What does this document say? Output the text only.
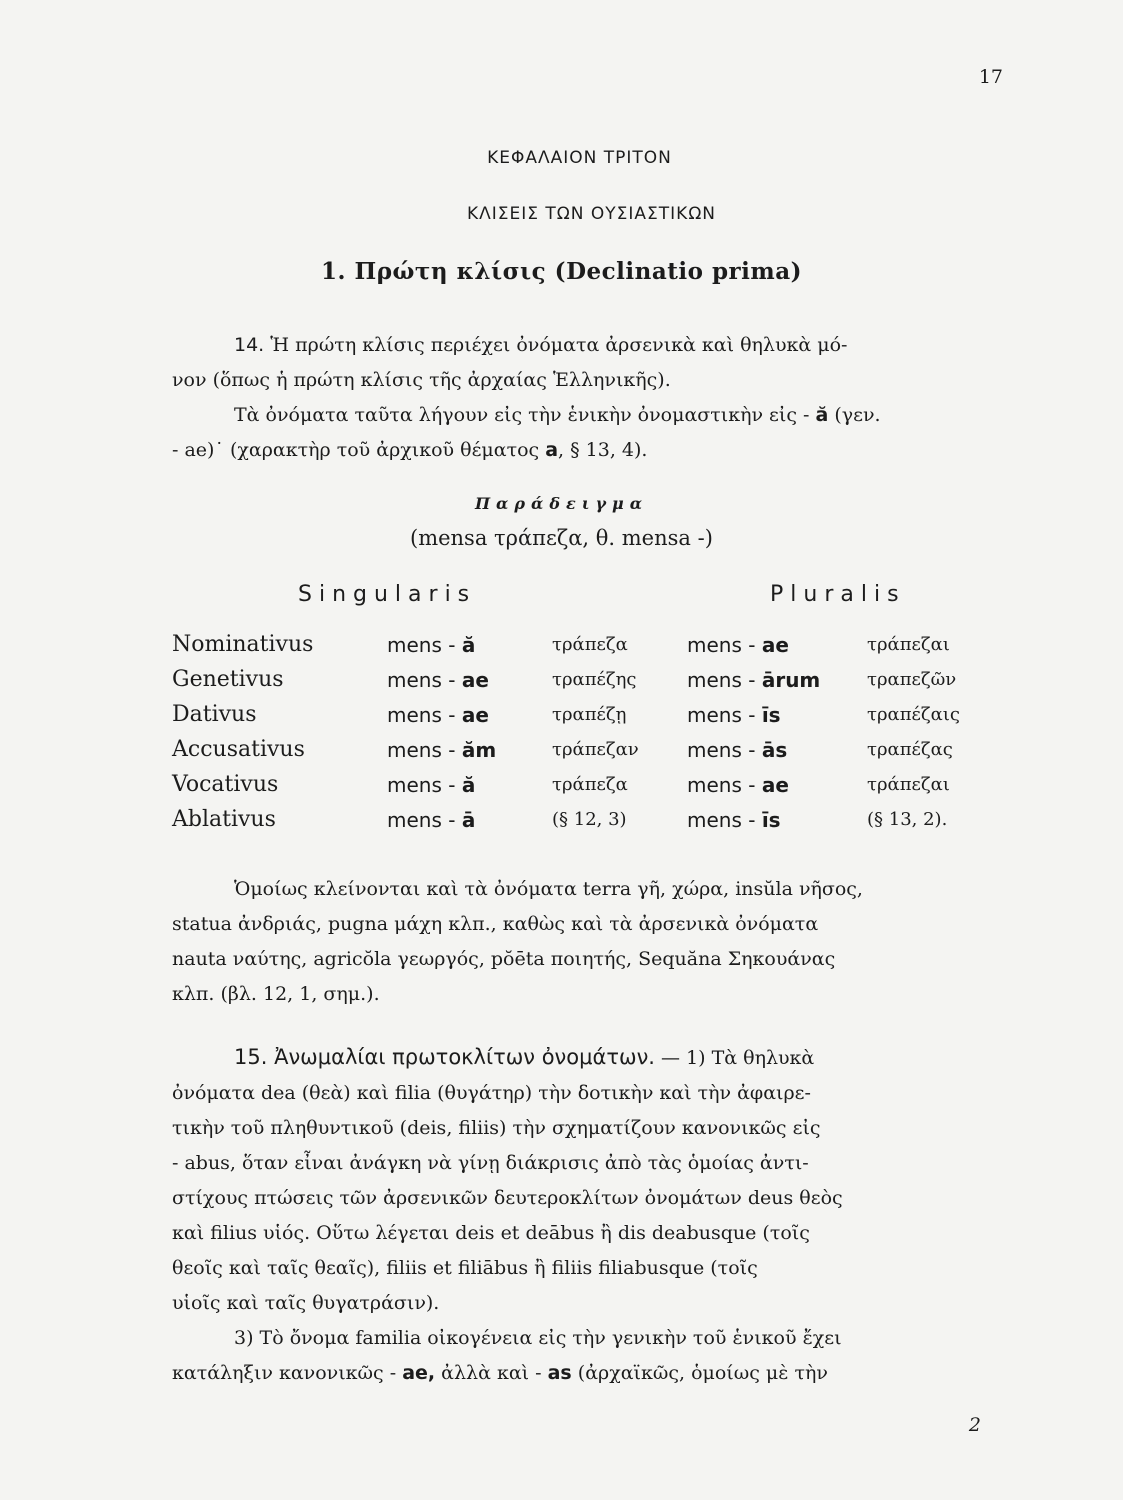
17
ΚΕΦΑΛΑΙΟΝ ΤΡΙΤΟΝ
ΚΛΙΣΕΙΣ ΤΩΝ ΟΥΣΙΑΣΤΙΚΩΝ
1. Πρώτη κλίσις (Declinatio prima)
14. Ἡ πρώτη κλίσις περιέχει ὀνόματα ἀρσενικὰ καὶ θηλυκὰ μό-
νον (ὅπως ἡ πρώτη κλίσις τῆς ἀρχαίας Ἑλληνικῆς).
Τὰ ὀνόματα ταῦτα λήγουν εἰς τὴν ἑνικὴν ὀνομαστικὴν εἰς - ă (γεν.
- ae)˙ (χαρακτὴρ τοῦ ἀρχικοῦ θέματος a, § 13, 4).
Παράδειγμα
(mensa τράπεζα, θ. mensa -)
Singularis	Pluralis
Nominativus	mens - ă	τράπεζα	mens - ae	τράπεζαι
Genetivus	mens - ae	τραπέζης	mens - ārum	τραπεζῶν
Dativus	mens - ae	τραπέζῃ	mens - īs	τραπέζαις
Accusativus	mens - ăm	τράπεζαν	mens - ās	τραπέζας
Vocativus	mens - ă	τράπεζα	mens - ae	τράπεζαι
Ablativus	mens - ā	(§ 12, 3)	mens - īs	(§ 13, 2).
Ὁμοίως κλείνονται καὶ τὰ ὀνόματα terra γῆ, χώρα, insŭla νῆσος,
statua ἀνδριάς, pugna μάχη κλπ., καθὼς καὶ τὰ ἀρσενικὰ ὀνόματα
nauta ναύτης, agricŏla γεωργός, pŏēta ποιητής, Sequăna Σηκουάνας
κλπ. (βλ. 12, 1, σημ.).
15. Ἀνωμαλίαι πρωτοκλίτων ὀνομάτων. — 1) Τὰ θηλυκὰ
ὀνόματα dea (θεὰ) καὶ filia (θυγάτηρ) τὴν δοτικὴν καὶ τὴν ἀφαιρε-
τικὴν τοῦ πληθυντικοῦ (deis, filiis) τὴν σχηματίζουν κανονικῶς εἰς
- abus, ὅταν εἶναι ἀνάγκη νὰ γίνῃ διάκρισις ἀπὸ τὰς ὁμοίας ἀντι-
στίχους πτώσεις τῶν ἀρσενικῶν δευτεροκλίτων ὀνομάτων deus θεὸς
καὶ filius υἱός. Οὕτω λέγεται deis et deābus ἢ dis deabusque (τοῖς
θεοῖς καὶ ταῖς θεαῖς), filiis et filiābus ἢ filiis filiabusque (τοῖς
υἱοῖς καὶ ταῖς θυγατράσιν).
3) Τὸ ὄνομα familia οἰκογένεια εἰς τὴν γενικὴν τοῦ ἑνικοῦ ἔχει
κατάληξιν κανονικῶς - ae, ἀλλὰ καὶ - as (ἀρχαϊκῶς, ὁμοίως μὲ τὴν
2
